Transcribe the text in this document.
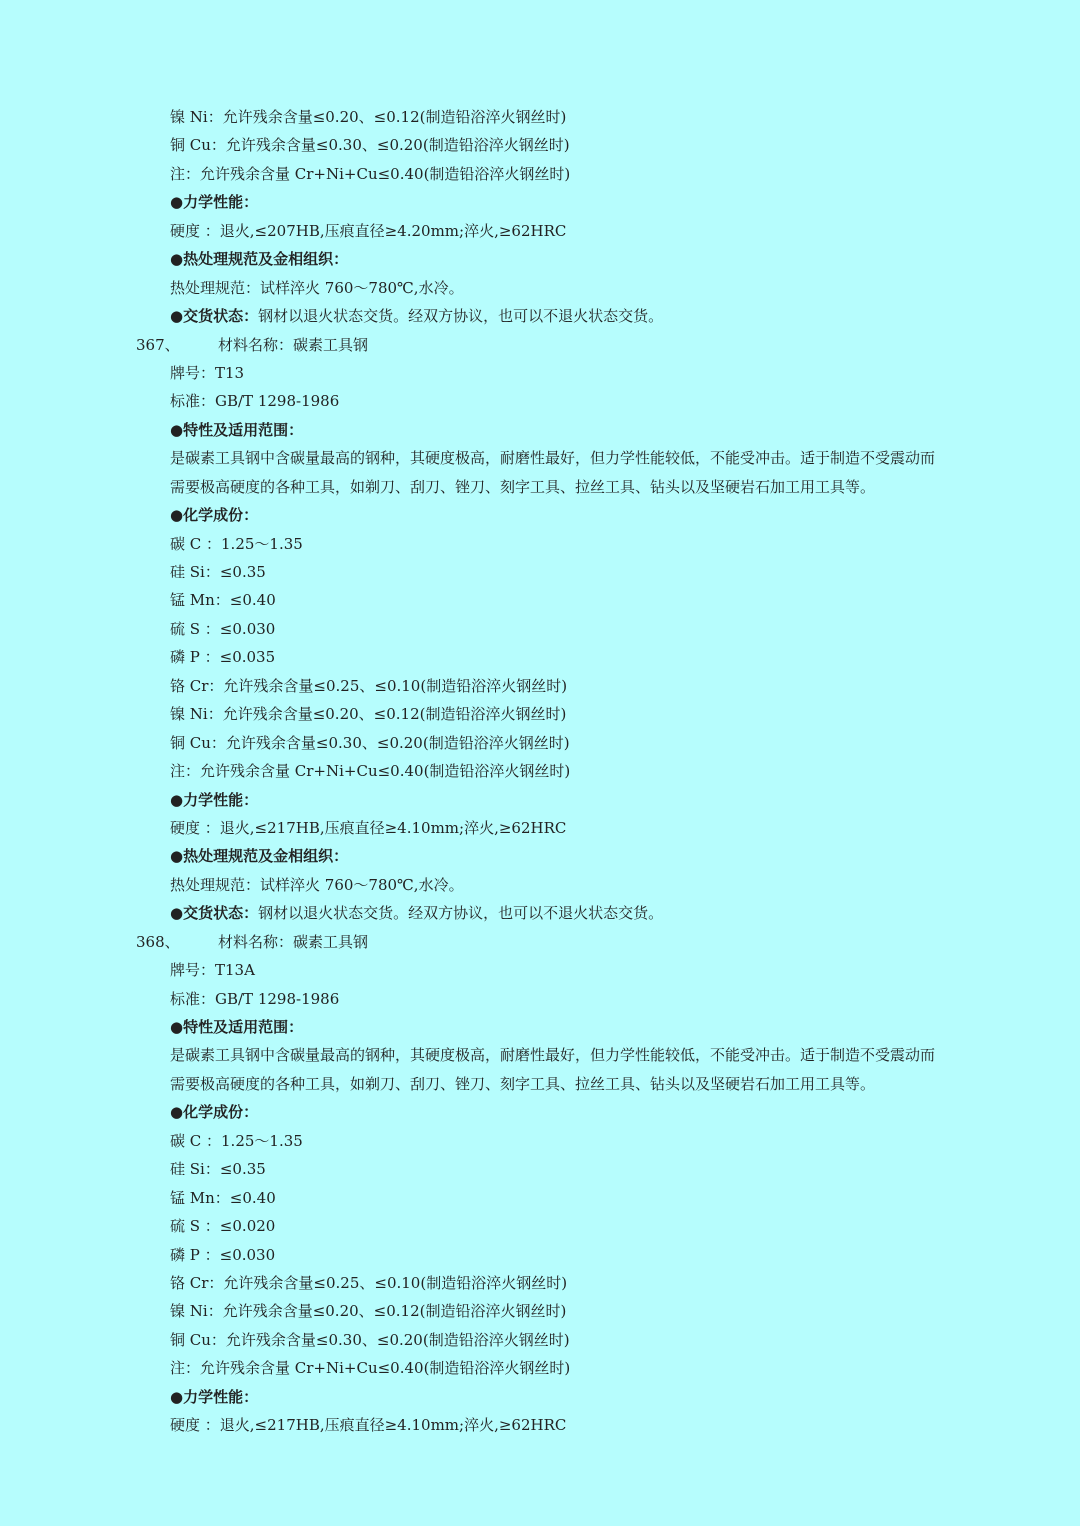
镍 Ni：允许残余含量≤0.20、≤0.12(制造铅浴淬火钢丝时)
铜 Cu：允许残余含量≤0.30、≤0.20(制造铅浴淬火钢丝时)
注：允许残余含量 Cr+Ni+Cu≤0.40(制造铅浴淬火钢丝时)
●力学性能：
硬度 ：退火,≤207HB,压痕直径≥4.20mm;淬火,≥62HRC
●热处理规范及金相组织：
热处理规范：试样淬火 760～780℃,水冷。
●交货状态：钢材以退火状态交货。经双方协议，也可以不退火状态交货。
367、	材料名称：碳素工具钢
牌号：T13
标准：GB/T 1298-1986
●特性及适用范围：
是碳素工具钢中含碳量最高的钢种，其硬度极高，耐磨性最好，但力学性能较低，不能受冲击。适于制造不受震动而
需要极高硬度的各种工具，如剃刀、刮刀、锉刀、刻字工具、拉丝工具、钻头以及坚硬岩石加工用工具等。
●化学成份：
碳 C ：1.25～1.35
硅 Si：≤0.35
锰 Mn：≤0.40
硫 S ：≤0.030
磷 P ：≤0.035
铬 Cr：允许残余含量≤0.25、≤0.10(制造铅浴淬火钢丝时)
镍 Ni：允许残余含量≤0.20、≤0.12(制造铅浴淬火钢丝时)
铜 Cu：允许残余含量≤0.30、≤0.20(制造铅浴淬火钢丝时)
注：允许残余含量 Cr+Ni+Cu≤0.40(制造铅浴淬火钢丝时)
●力学性能：
硬度 ：退火,≤217HB,压痕直径≥4.10mm;淬火,≥62HRC
●热处理规范及金相组织：
热处理规范：试样淬火 760～780℃,水冷。
●交货状态：钢材以退火状态交货。经双方协议，也可以不退火状态交货。
368、	材料名称：碳素工具钢
牌号：T13A
标准：GB/T 1298-1986
●特性及适用范围：
是碳素工具钢中含碳量最高的钢种，其硬度极高，耐磨性最好，但力学性能较低，不能受冲击。适于制造不受震动而
需要极高硬度的各种工具，如剃刀、刮刀、锉刀、刻字工具、拉丝工具、钻头以及坚硬岩石加工用工具等。
●化学成份：
碳 C ：1.25～1.35
硅 Si：≤0.35
锰 Mn：≤0.40
硫 S ：≤0.020
磷 P ：≤0.030
铬 Cr：允许残余含量≤0.25、≤0.10(制造铅浴淬火钢丝时)
镍 Ni：允许残余含量≤0.20、≤0.12(制造铅浴淬火钢丝时)
铜 Cu：允许残余含量≤0.30、≤0.20(制造铅浴淬火钢丝时)
注：允许残余含量 Cr+Ni+Cu≤0.40(制造铅浴淬火钢丝时)
●力学性能：
硬度 ：退火,≤217HB,压痕直径≥4.10mm;淬火,≥62HRC
